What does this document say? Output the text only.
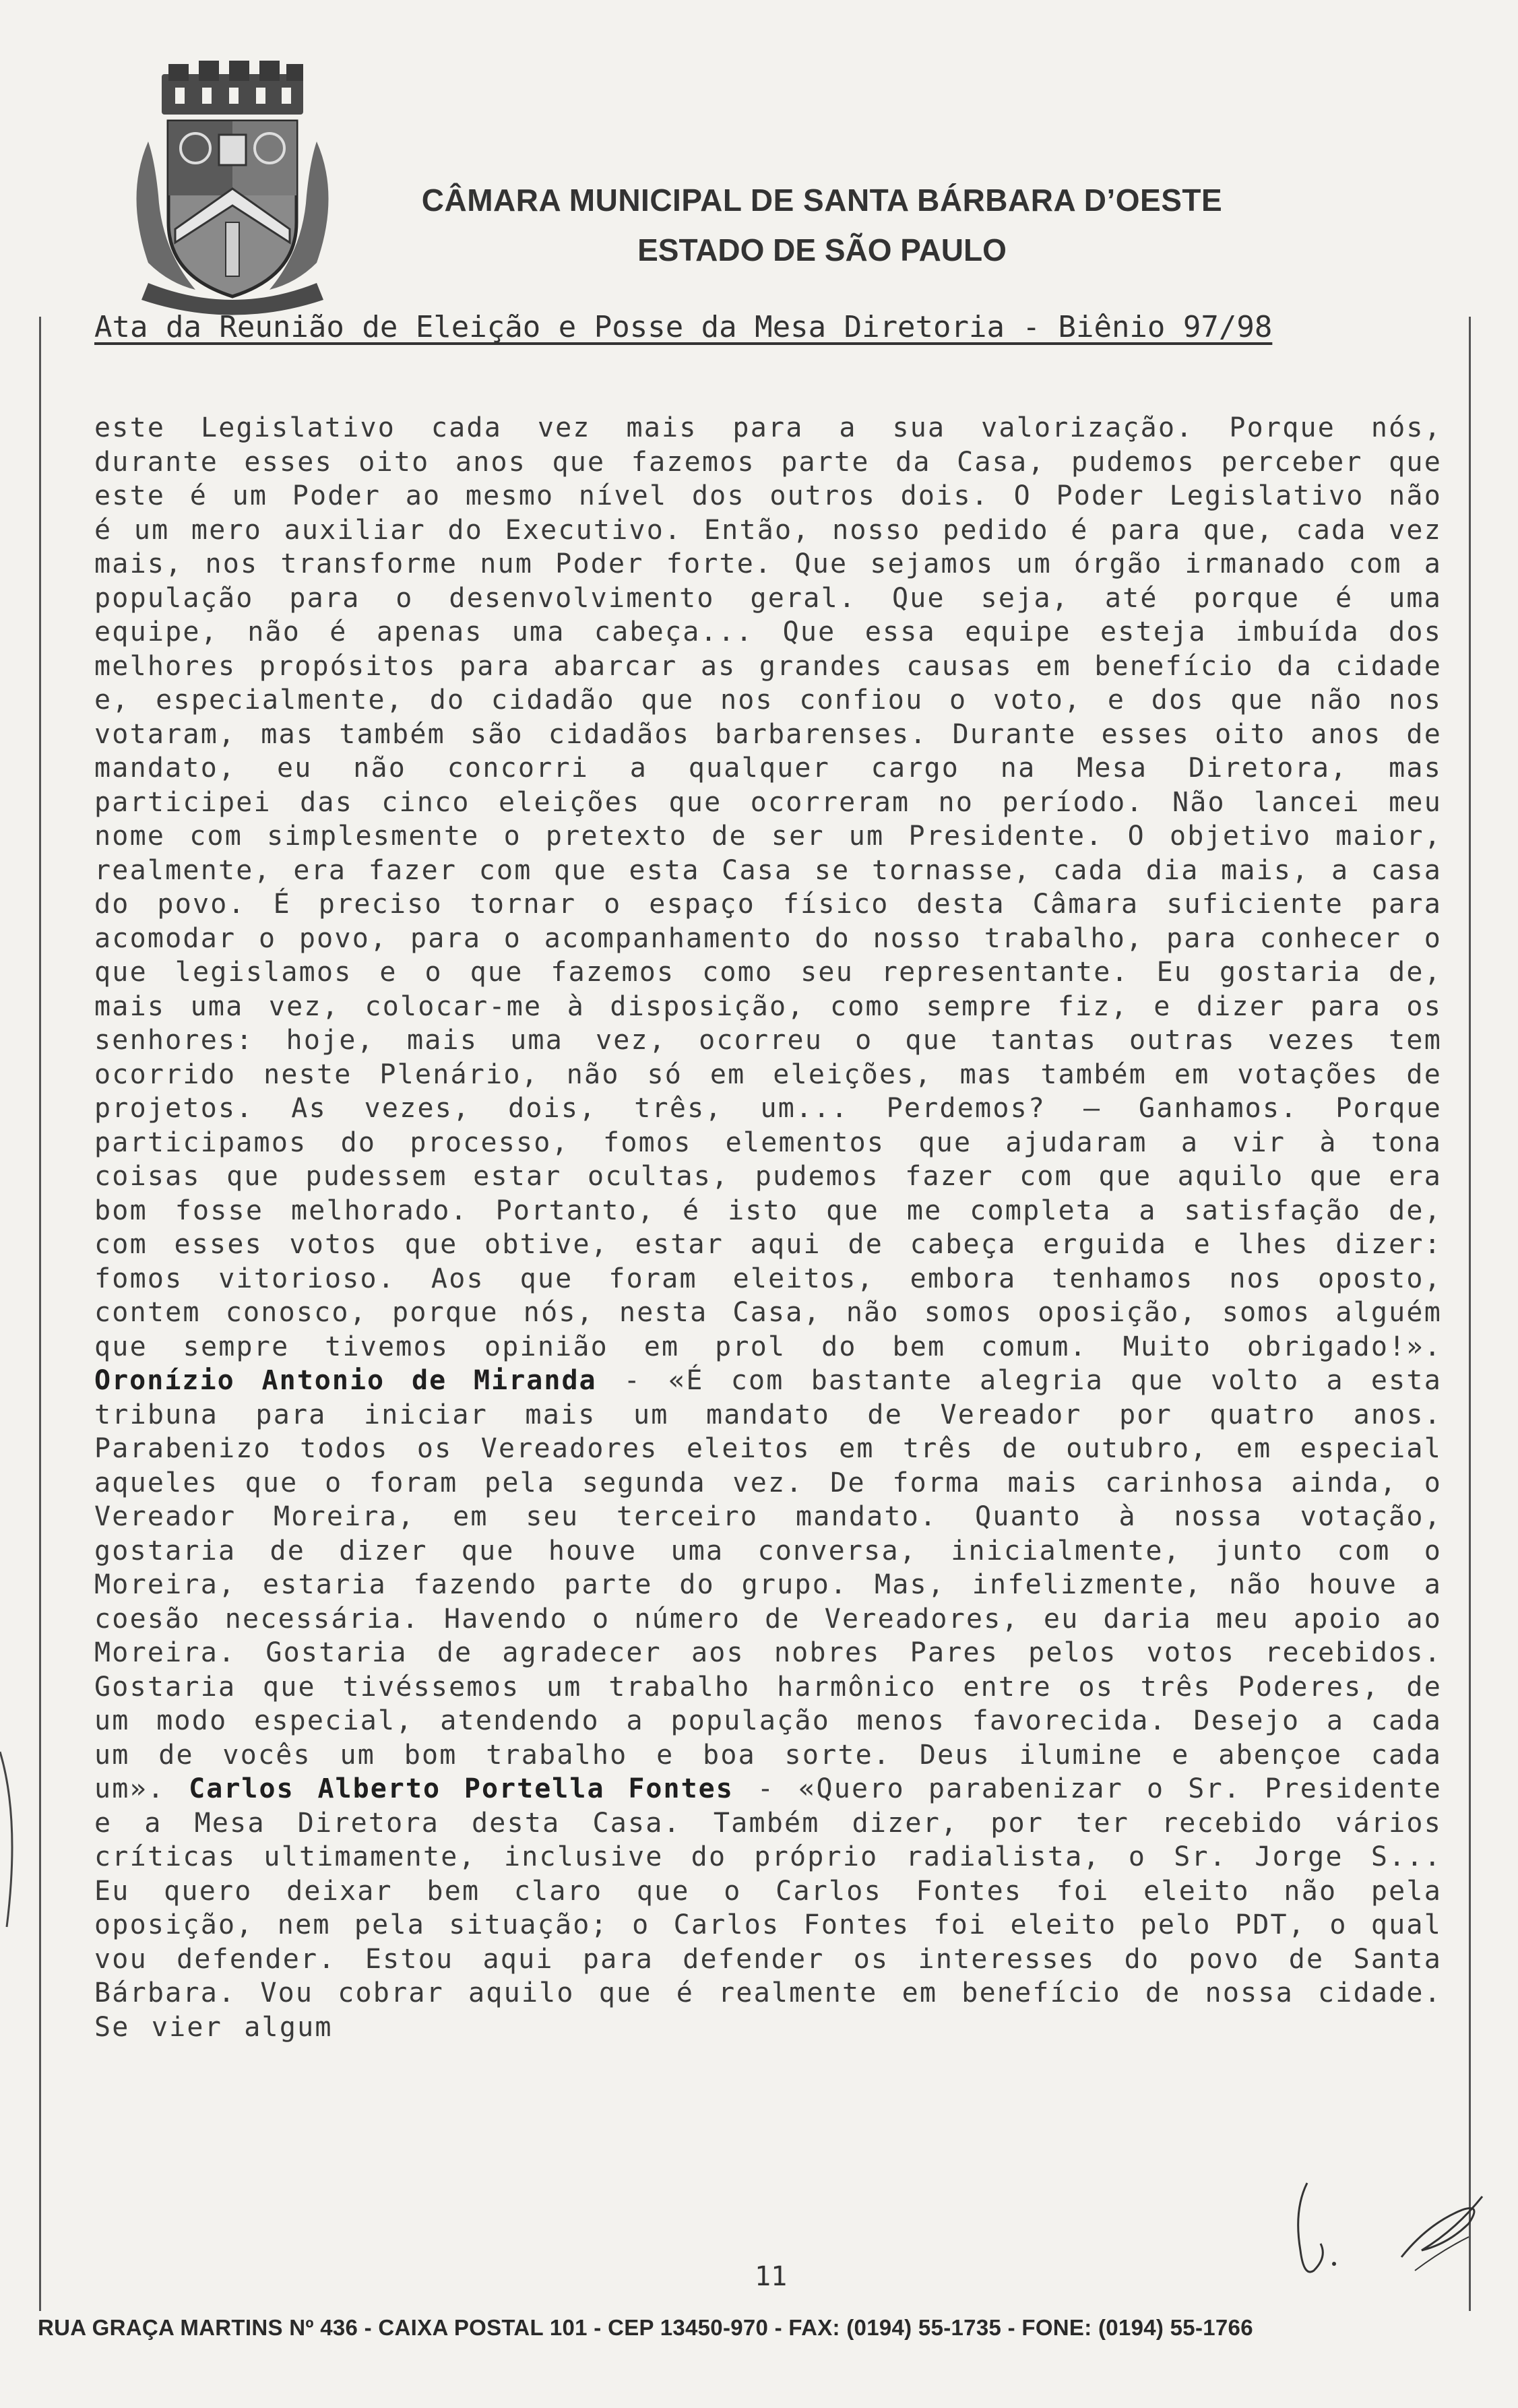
CÂMARA MUNICIPAL DE SANTA BÁRBARA D’OESTE
ESTADO DE SÃO PAULO
Ata da Reunião de Eleição e Posse da Mesa Diretoria - Biênio 97/98
este Legislativo cada vez mais para a sua valorização. Porque nós, durante esses oito anos que fazemos parte da Casa, pudemos perceber que este é um Poder ao mesmo nível dos outros dois. O Poder Legislativo não é um mero auxiliar do Executivo. Então, nosso pedido é para que, cada vez mais, nos transforme num Poder forte. Que sejamos um órgão irmanado com a população para o desenvolvimento geral. Que seja, até porque é uma equipe, não é apenas uma cabeça... Que essa equipe esteja imbuída dos melhores propósitos para abarcar as grandes causas em benefício da cidade e, especialmente, do cidadão que nos confiou o voto, e dos que não nos votaram, mas também são cidadãos barbarenses. Durante esses oito anos de mandato, eu não concorri a qualquer cargo na Mesa Diretora, mas participei das cinco eleições que ocorreram no período. Não lancei meu nome com simplesmente o pretexto de ser um Presidente. O objetivo maior, realmente, era fazer com que esta Casa se tornasse, cada dia mais, a casa do povo. É preciso tornar o espaço físico desta Câmara suficiente para acomodar o povo, para o acompanhamento do nosso trabalho, para conhecer o que legislamos e o que fazemos como seu representante. Eu gostaria de, mais uma vez, colocar-me à disposição, como sempre fiz, e dizer para os senhores: hoje, mais uma vez, ocorreu o que tantas outras vezes tem ocorrido neste Plenário, não só em eleições, mas também em votações de projetos. As vezes, dois, três, um... Perdemos? — Ganhamos. Porque participamos do processo, fomos elementos que ajudaram a vir à tona coisas que pudessem estar ocultas, pudemos fazer com que aquilo que era bom fosse melhorado. Portanto, é isto que me completa a satisfação de, com esses votos que obtive, estar aqui de cabeça erguida e lhes dizer: fomos vitorioso. Aos que foram eleitos, embora tenhamos nos oposto, contem conosco, porque nós, nesta Casa, não somos oposição, somos alguém que sempre tivemos opinião em prol do bem comum. Muito obrigado!». Oronízio Antonio de Miranda - «É com bastante alegria que volto a esta tribuna para iniciar mais um mandato de Vereador por quatro anos. Parabenizo todos os Vereadores eleitos em três de outubro, em especial aqueles que o foram pela segunda vez. De forma mais carinhosa ainda, o Vereador Moreira, em seu terceiro mandato. Quanto à nossa votação, gostaria de dizer que houve uma conversa, inicialmente, junto com o Moreira, estaria fazendo parte do grupo. Mas, infelizmente, não houve a coesão necessária. Havendo o número de Vereadores, eu daria meu apoio ao Moreira. Gostaria de agradecer aos nobres Pares pelos votos recebidos. Gostaria que tivéssemos um trabalho harmônico entre os três Poderes, de um modo especial, atendendo a população menos favorecida. Desejo a cada um de vocês um bom trabalho e boa sorte. Deus ilumine e abençoe cada um». Carlos Alberto Portella Fontes - «Quero parabenizar o Sr. Presidente e a Mesa Diretora desta Casa. Também dizer, por ter recebido vários críticas ultimamente, inclusive do próprio radialista, o Sr. Jorge S... Eu quero deixar bem claro que o Carlos Fontes foi eleito não pela oposição, nem pela situação; o Carlos Fontes foi eleito pelo PDT, o qual vou defender. Estou aqui para defender os interesses do povo de Santa Bárbara. Vou cobrar aquilo que é realmente em benefício de nossa cidade. Se vier algum
11
RUA GRAÇA MARTINS Nº 436 - CAIXA POSTAL 101 - CEP 13450-970 - FAX: (0194) 55-1735 - FONE: (0194) 55-1766
